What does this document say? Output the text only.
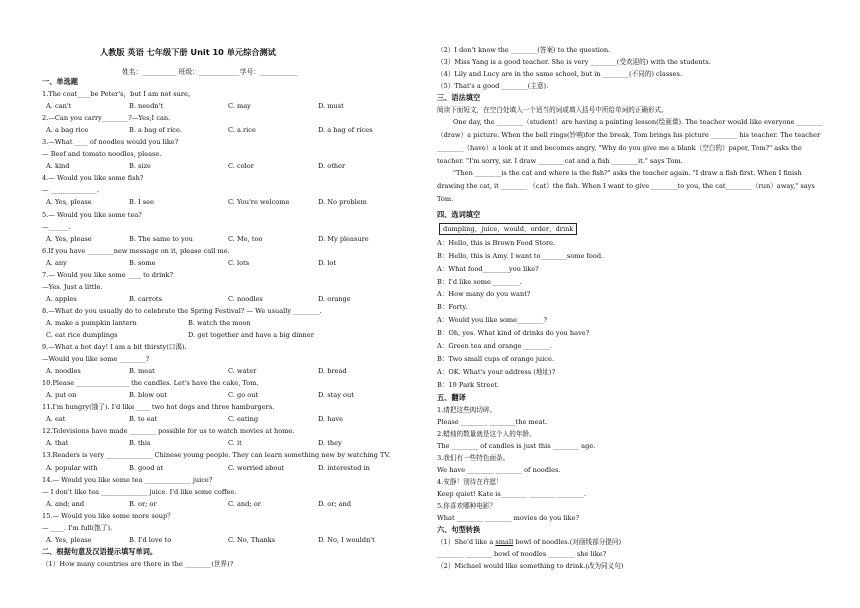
一、单选题
1.The coat____be Peter's，but I am not sure。
A. can't	B. needn't	C. may	D. must
2.—Can you carry________?—Yes,I can.
A. a bag rice	B. a bag of rice.	C. a rice	D. a bag of rices
3.—What ____ of noodles would you like?
— Beef and tomato noodles, please.
A. kind	B. size	C. color	D. other
4.— Would you like some fish?
— ______________.
A. Yes, please	B. I see	C. You're welcome	D. No problem
5.— Would you like some tea?
—______.
A. Yes, please	B. The same to you	C. Me, too	D. My pleasure
6.If you have ________new message on it, please call me.
A. any	B. some	C. lots	D. lot
7.— Would you like some ____ to drink?
—Yes. Just a little.
A. apples	B. carrots	C. noodles	D. orange
8.—What do you usually do to celebrate the Spring Festival? — We usually ________.
A. make a pumpkin lantern	B. watch the moon
C. eat rice dumplings	D. get together and have a big dinner
9.—What a hot day! I am a bit thirsty(口渴).
—Would you like some ________?
A. noodles	B. meat	C. water	D. bread
10.Please ________________ the candles. Let's have the cake, Tom.
A. put on	B. blow out	C. go out	D. stay out
11.I'm hungry(饿了). I'd like ____ two hot dogs and three hamburgers.
A. eat	B. to eat	C. eating	D. have
12.Televisions have made ________ possible for us to watch movies at home.
A. that	B. this	C. it	D. they
13.Readers is very ______________ Chinese young people. They can learn something new by watching TV.
A. popular with	B. good at	C. worried about	D. interested in
14.— Would you like some tea ______________ juice?
— I don't like tea ______________ juice. I'd like some coffee.
A. and; and	B. or; or	C. and; or	D. or; and
15.— Would you like some more soup？
— ____. I'm full(饱了).
A. Yes, please	B. I'd love to	C. No, Thanks	D. No, I wouldn't
二、根据句意及汉语提示填写单词。
（1）How many countries are there in the ________(世界)?
人教版 英语 七年级下册 Unit 10 单元综合测试
姓名：__________ 班级：____________学号：___________
（2）I don't know the ________(答案) to the question.
（3）Miss Yang is a good teacher. She is very ________(受欢迎的) with the students.
（4）Lily and Lucy are in the same school, but in ________(不同的) classes.
（5）That's a good ________(主意).
三、语法填空
阅读下面短文，在空白处填入一个适当的词或填入括号中所给单词的正确形式。
One day, the ________（student）are having a painting lesson(绘画课). The teacher would like everyone ________（draw）a picture. When the bell rings(铃响)for the break, Tom brings his picture ________ his teacher. The teacher ________（have）a look at it and becomes angry, "Why do you give me a blank（空白的）paper, Tom?" asks the teacher. "I'm sorry, sir. I draw ________cat and a fish ________it." says Tom.
"Then ________is the cat and where is the fish?" asks the teacher again. "I draw a fish first. When I finish drawing the cat, it ________ （cat）the fish. When I want to give ________to you, the cat________（run）away," says Tom.
四、选词填空
dumpling，juice，would，order，drink
A：Hello, this is Brown Food Store.
B：Hello, this is Amy. I want to________some food.
A：What food________you like?
B：I'd like some ________.
A：How many do you want?
B：Forty.
A：Would you like some________?
B：Oh, yes. What kind of drinks do you have?
A：Green tea and orange ________.
B：Two small cups of orange juice.
A：OK. What's your address (地址)?
B：19 Park Street.
五、翻译
1.请把这些肉切碎。
Please ________ ________the meat.
2.蜡烛的数量就是这个人的年龄。
The ________ of candles is just this ________ age.
3.我们有一些特色面条。
We have ________ ________ of noodles.
4.安静！别待在许愿！
Keep quiet! Kate is________ ________ ________.
5.你喜欢哪种电影？
What ________ ________ movies do you like?
六、句型转换
（1）She'd like a small bowl of noodles.(对画线部分提问)
________ ________ bowl of noodles ________ she like?
（2）Michael would like something to drink.(改为同义句)
